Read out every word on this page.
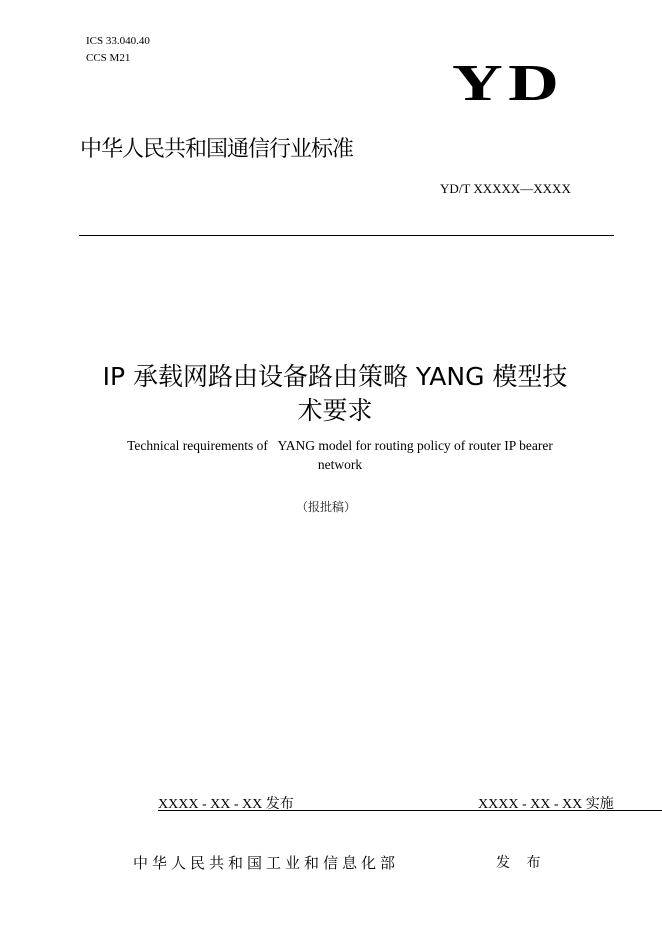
ICS 33.040.40
CCS M21	YD
中华人民共和国通信行业标准
YD/T XXXXX—XXXX
IP 承载网路由设备路由策略 YANG 模型技
术要求
Technical requirements of   YANG model for routing policy of router IP bearer
network
（报批稿）
XXXX - XX - XX 发布	XXXX - XX - XX 实施
中华人民共和国工业和信息化部	发 布
